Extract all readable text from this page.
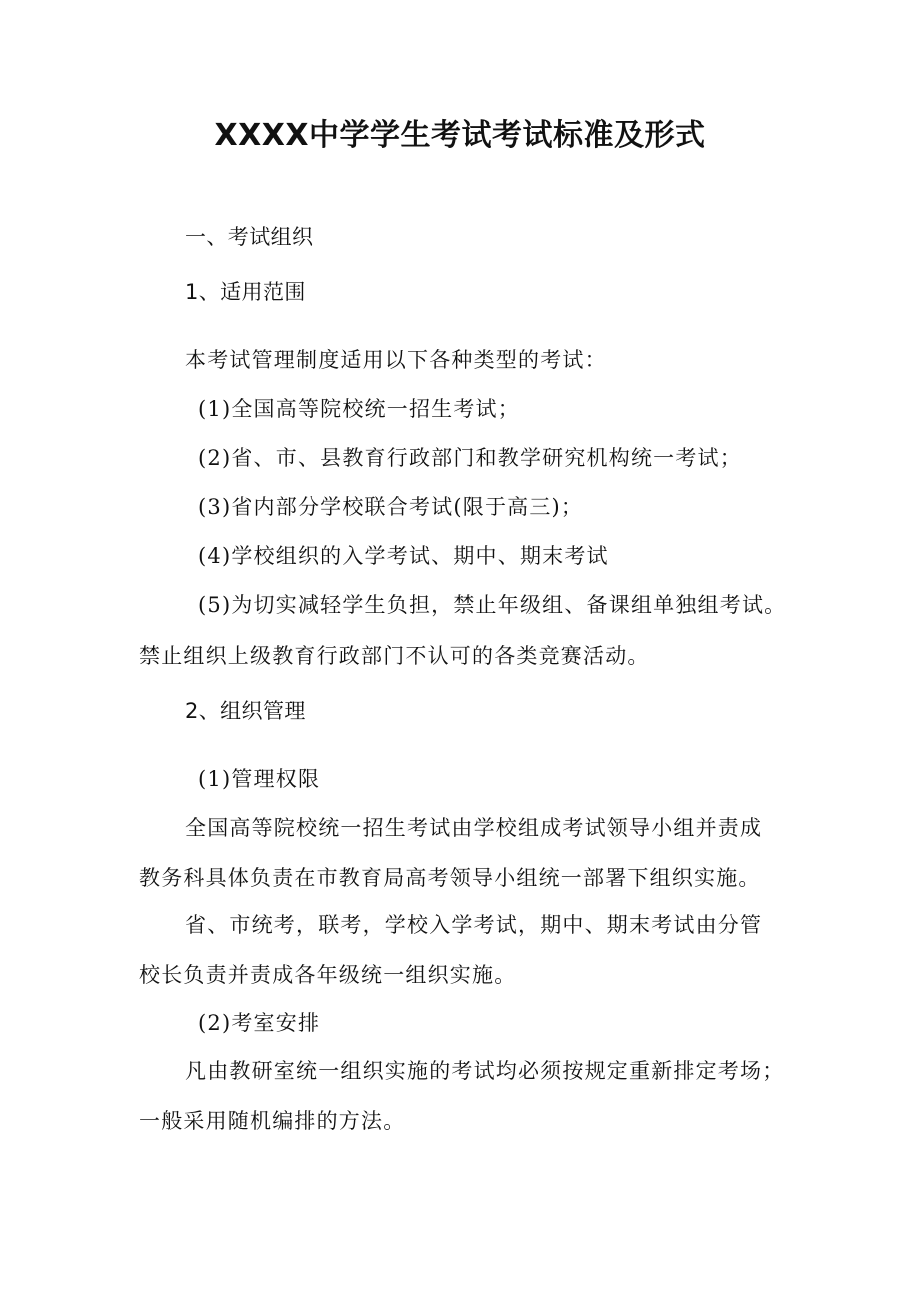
XXXX中学学生考试考试标准及形式
一、考试组织
1、适用范围
本考试管理制度适用以下各种类型的考试：
(1)全国高等院校统一招生考试；
(2)省、市、县教育行政部门和教学研究机构统一考试；
(3)省内部分学校联合考试(限于高三)；
(4)学校组织的入学考试、期中、期末考试
(5)为切实减轻学生负担，禁止年级组、备课组单独组考试。
禁止组织上级教育行政部门不认可的各类竞赛活动。
2、组织管理
(1)管理权限
全国高等院校统一招生考试由学校组成考试领导小组并责成
教务科具体负责在市教育局高考领导小组统一部署下组织实施。
省、市统考，联考，学校入学考试，期中、期末考试由分管
校长负责并责成各年级统一组织实施。
(2)考室安排
凡由教研室统一组织实施的考试均必须按规定重新排定考场；
一般采用随机编排的方法。
